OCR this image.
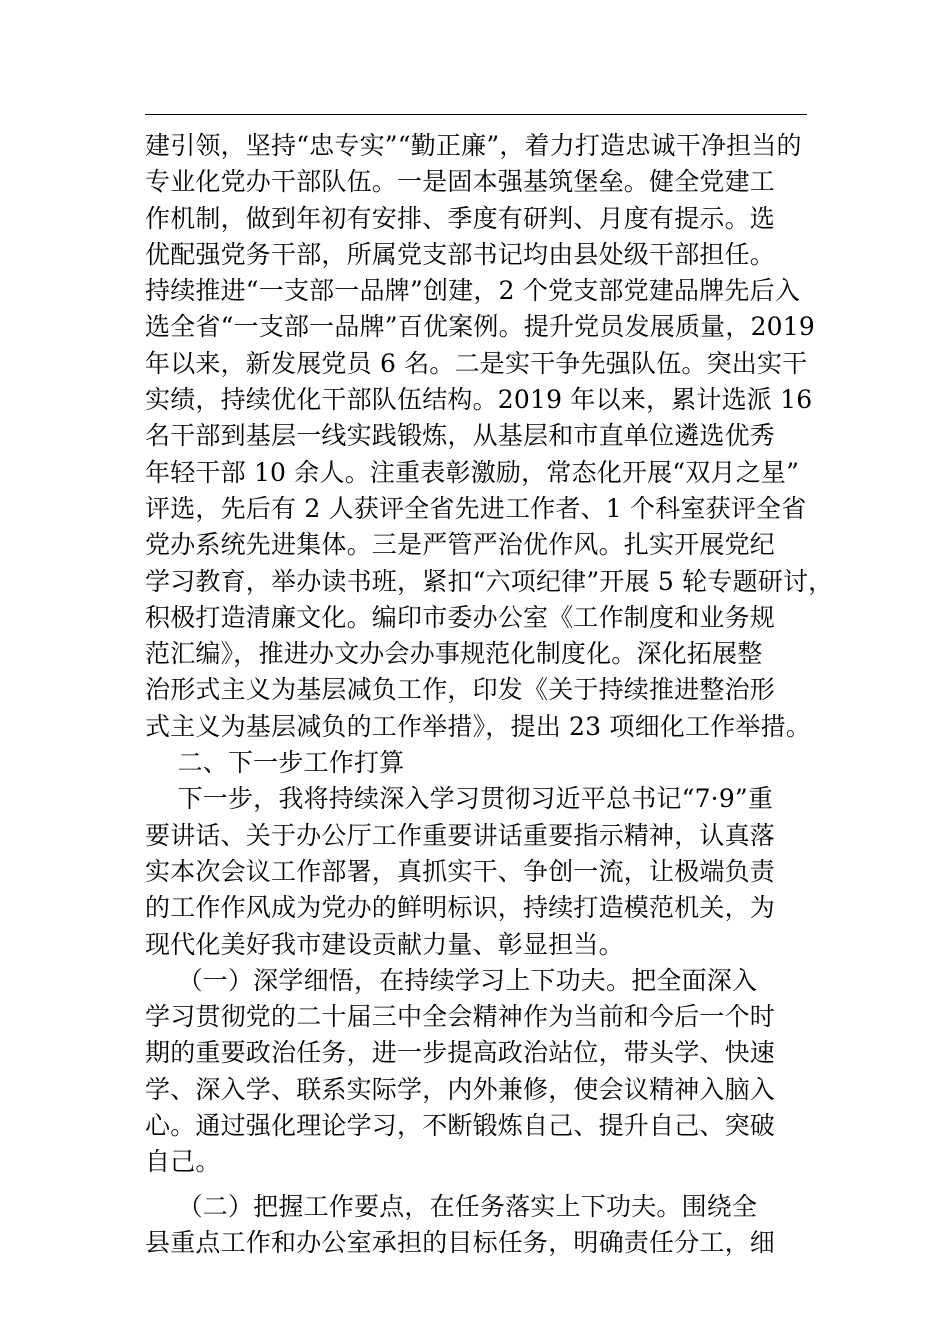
建引领，坚持“忠专实”“勤正廉”，着力打造忠诚干净担当的
专业化党办干部队伍。一是固本强基筑堡垒。健全党建工
作机制，做到年初有安排、季度有研判、月度有提示。选
优配强党务干部，所属党支部书记均由县处级干部担任。
持续推进“一支部一品牌”创建，2 个党支部党建品牌先后入
选全省“一支部一品牌”百优案例。提升党员发展质量，2019
年以来，新发展党员 6 名。二是实干争先强队伍。突出实干
实绩，持续优化干部队伍结构。2019 年以来，累计选派 16
名干部到基层一线实践锻炼，从基层和市直单位遴选优秀
年轻干部 10 余人。注重表彰激励，常态化开展“双月之星”
评选，先后有 2 人获评全省先进工作者、1 个科室获评全省
党办系统先进集体。三是严管严治优作风。扎实开展党纪
学习教育，举办读书班，紧扣“六项纪律”开展 5 轮专题研讨，
积极打造清廉文化。编印市委办公室《工作制度和业务规
范汇编》，推进办文办会办事规范化制度化。深化拓展整
治形式主义为基层减负工作，印发《关于持续推进整治形
式主义为基层减负的工作举措》，提出 23 项细化工作举措。
二、下一步工作打算
下一步，我将持续深入学习贯彻习近平总书记“7·9”重
要讲话、关于办公厅工作重要讲话重要指示精神，认真落
实本次会议工作部署，真抓实干、争创一流，让极端负责
的工作作风成为党办的鲜明标识，持续打造模范机关，为
现代化美好我市建设贡献力量、彰显担当。
（一）深学细悟，在持续学习上下功夫。把全面深入
学习贯彻党的二十届三中全会精神作为当前和今后一个时
期的重要政治任务，进一步提高政治站位，带头学、快速
学、深入学、联系实际学，内外兼修，使会议精神入脑入
心。通过强化理论学习，不断锻炼自己、提升自己、突破
自己。
（二）把握工作要点，在任务落实上下功夫。围绕全
县重点工作和办公室承担的目标任务，明确责任分工，细
